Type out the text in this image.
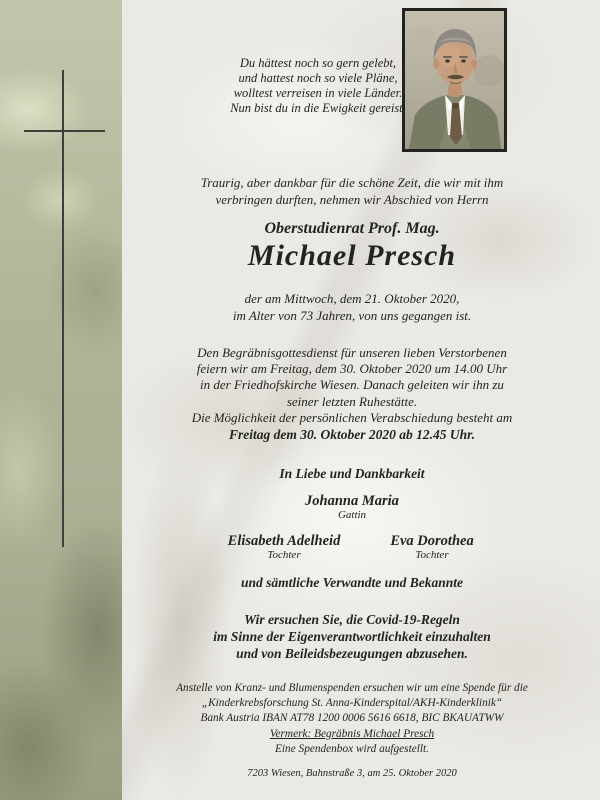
Du hättest noch so gern gelebt,
und hattest noch so viele Pläne,
wolltest verreisen in viele Länder.
Nun bist du in die Ewigkeit gereist.
Traurig, aber dankbar für die schöne Zeit, die wir mit ihm
verbringen durften, nehmen wir Abschied von Herrn
Oberstudienrat Prof. Mag.
Michael Presch
der am Mittwoch, dem 21. Oktober 2020,
im Alter von 73 Jahren, von uns gegangen ist.
Den Begräbnisgottesdienst für unseren lieben Verstorbenen
feiern wir am Freitag, dem 30. Oktober 2020 um 14.00 Uhr
in der Friedhofskirche Wiesen. Danach geleiten wir ihn zu
seiner letzten Ruhestätte.
Die Möglichkeit der persönlichen Verabschiedung besteht am
Freitag dem 30. Oktober 2020 ab 12.45 Uhr.
In Liebe und Dankbarkeit
Johanna Maria
Gattin
Elisabeth Adelheid
Tochter
Eva Dorothea
Tochter
und sämtliche Verwandte und Bekannte
Wir ersuchen Sie, die Covid-19-Regeln
im Sinne der Eigenverantwortlichkeit einzuhalten
und von Beileidsbezeugungen abzusehen.
Anstelle von Kranz- und Blumenspenden ersuchen wir um eine Spende für die
„Kinderkrebsforschung St. Anna-Kinderspital/AKH-Kinderklinik“
Bank Austria IBAN AT78 1200 0006 5616 6618, BIC BKAUATWW
Vermerk: Begräbnis Michael Presch
Eine Spendenbox wird aufgestellt.
7203 Wiesen, Bahnstraße 3, am 25. Oktober 2020
